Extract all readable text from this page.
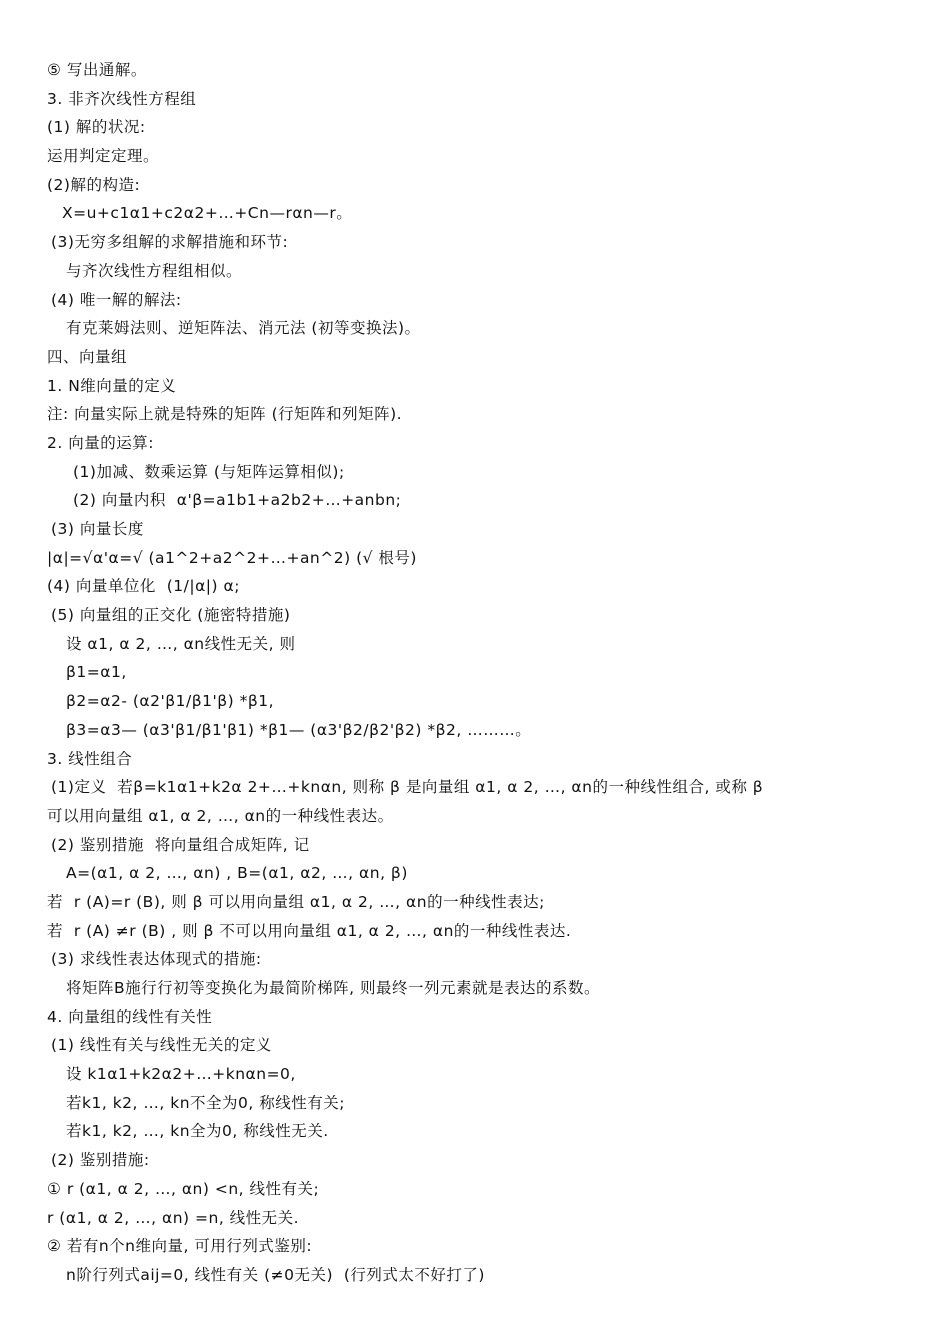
⑤ 写出通解。
3. 非齐次线性方程组
(1) 解的状况:
运用判定定理。
(2)解的构造:
X=u+c1α1+c2α2+…+Cn—rαn—r。
(3)无穷多组解的求解措施和环节:
与齐次线性方程组相似。
(4) 唯一解的解法:
有克莱姆法则、逆矩阵法、消元法 (初等变换法)。
四、向量组
1. N维向量的定义
注: 向量实际上就是特殊的矩阵 (行矩阵和列矩阵).
2. 向量的运算:
(1)加减、数乘运算 (与矩阵运算相似);
(2) 向量内积  α'β=a1b1+a2b2+…+anbn;
(3) 向量长度
|α|=√α'α=√ (a1^2+a2^2+…+an^2) (√ 根号)
(4) 向量单位化  (1/|α|) α;
(5) 向量组的正交化 (施密特措施)
设 α1, α 2, …, αn线性无关, 则
β1=α1,
β2=α2- (α2'β1/β1'β) *β1,
β3=α3— (α3'β1/β1'β1) *β1— (α3'β2/β2'β2) *β2, ………。
3. 线性组合
(1)定义  若β=k1α1+k2α 2+…+knαn, 则称 β 是向量组 α1, α 2, …, αn的一种线性组合, 或称 β
可以用向量组 α1, α 2, …, αn的一种线性表达。
(2) 鉴别措施  将向量组合成矩阵, 记
A=(α1, α 2, …, αn) , B=(α1, α2, …, αn, β)
若  r (A)=r (B), 则 β 可以用向量组 α1, α 2, …, αn的一种线性表达;
若  r (A) ≠r (B) , 则 β 不可以用向量组 α1, α 2, …, αn的一种线性表达.
(3) 求线性表达体现式的措施:
将矩阵B施行行初等变换化为最简阶梯阵, 则最终一列元素就是表达的系数。
4. 向量组的线性有关性
(1) 线性有关与线性无关的定义
设 k1α1+k2α2+…+knαn=0,
若k1, k2, …, kn不全为0, 称线性有关;
若k1, k2, …, kn全为0, 称线性无关.
(2) 鉴别措施:
① r (α1, α 2, …, αn) <n, 线性有关;
r (α1, α 2, …, αn) =n, 线性无关.
② 若有n个n维向量, 可用行列式鉴别:
n阶行列式aij=0, 线性有关 (≠0无关)  (行列式太不好打了)
